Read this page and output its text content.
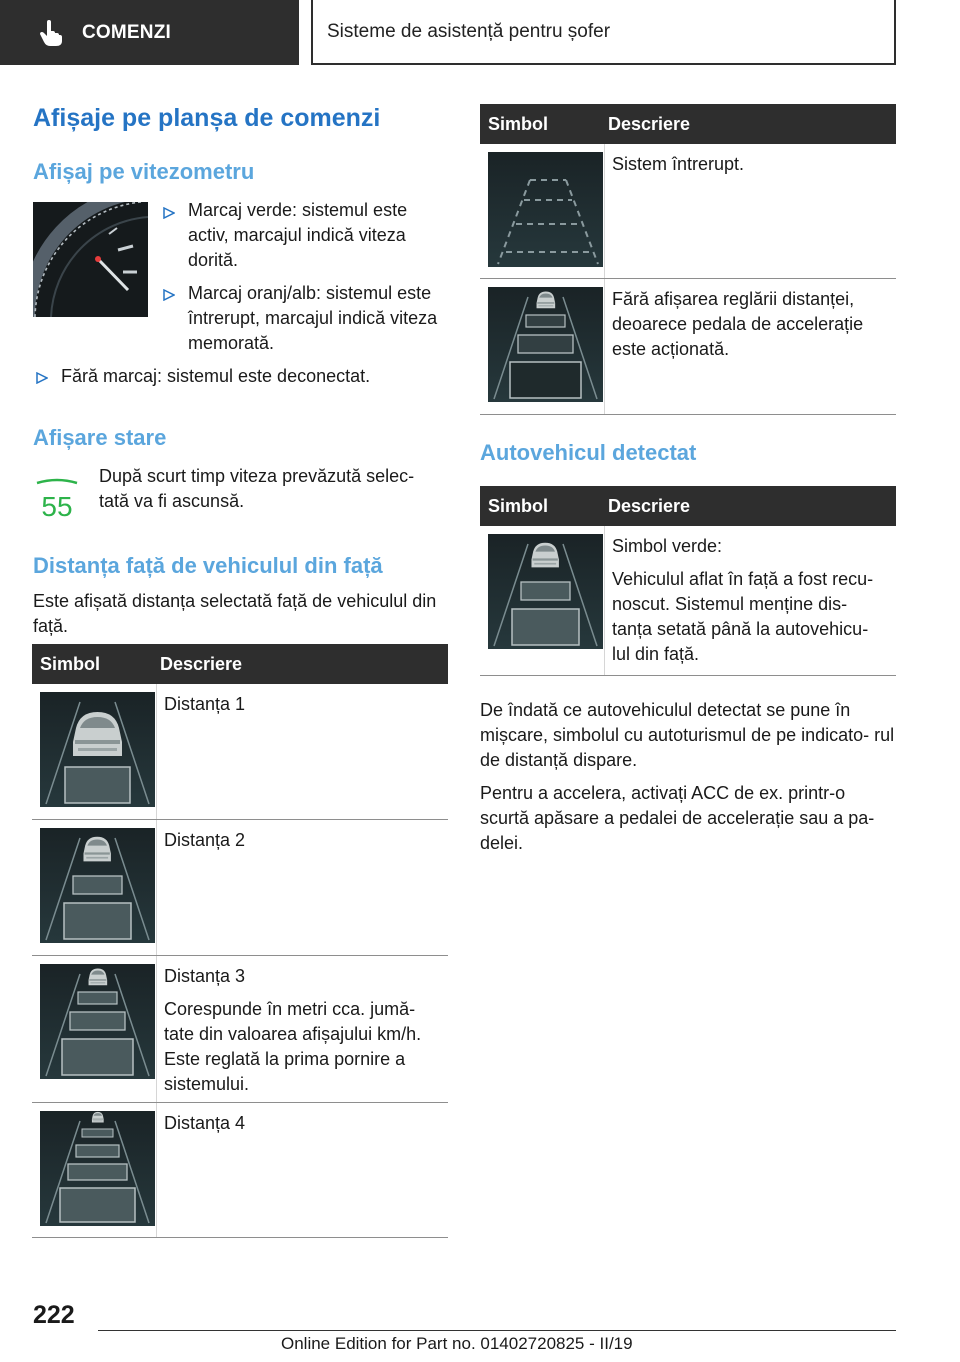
COMENZI	Sisteme de asistență pentru șofer
Afișaje pe planșa de comenzi
Afișaj pe vitezometru
Marcaj verde: sistemul este activ, marcajul indică viteza dorită.
Marcaj oranj/alb: sistemul este întrerupt, marcajul indică viteza memorată.
Fără marcaj: sistemul este deconectat.
Afișare stare
55
După scurt timp viteza prevăzută selec‐ tată va fi ascunsă.
Distanța față de vehiculul din față
Este afișată distanța selectată față de vehiculul din față.
Simbol	Descriere
Distanța 1
Distanța 2

Distanța 3

Corespunde în metri cca. jumă‐ tate din valoarea afișajului km/h. Este reglată la prima pornire a sistemului.

Distanța 4
Simbol	Descriere
Sistem întrerupt.
Fără afișarea reglării distanței, deoarece pedala de accelerație este acționată.
Autovehicul detectat
Simbol	Descriere

Simbol verde:

Vehiculul aflat în față a fost recu‐ noscut. Sistemul menține dis‐ tanța setată până la autovehicu‐ lul din față.

De îndată ce autovehiculul detectat se pune în mișcare, simbolul cu autoturismul de pe indicato‐ rul de distanță dispare.
Pentru a accelera, activați ACC de ex. printr-o scurtă apăsare a pedalei de accelerație sau a pa‐ delei.
222
Online Edition for Part no. 01402720825 - II/19
